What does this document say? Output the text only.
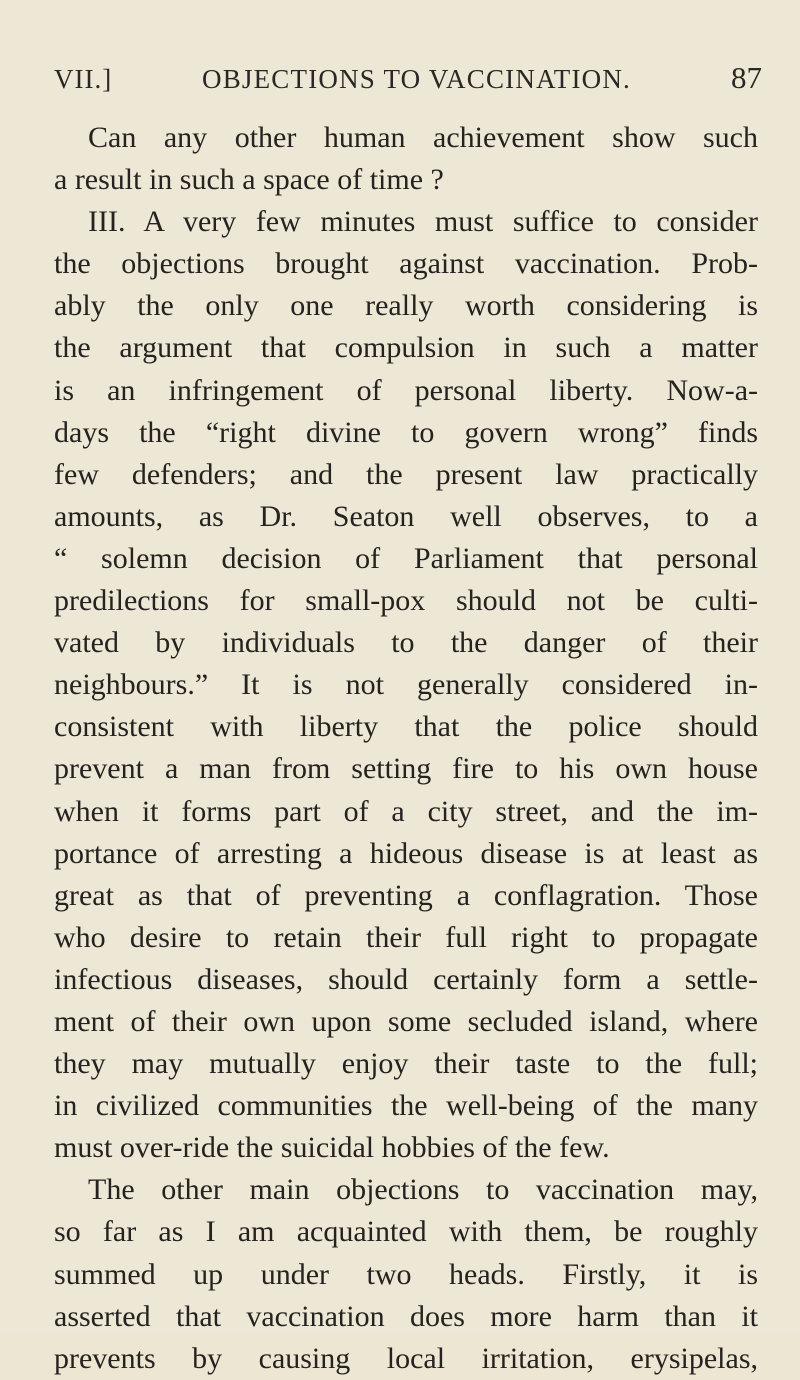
VII.]	OBJECTIONS TO VACCINATION.	87
Can any other human achievement show such
a result in such a space of time ?
III. A very few minutes must suffice to consider
the objections brought against vaccination. Prob-
ably the only one really worth considering is
the argument that compulsion in such a matter
is an infringement of personal liberty. Now-a-
days the “right divine to govern wrong” finds
few defenders; and the present law practically
amounts, as Dr. Seaton well observes, to a
“ solemn decision of Parliament that personal
predilections for small-pox should not be culti-
vated by individuals to the danger of their
neighbours.” It is not generally considered in-
consistent with liberty that the police should
prevent a man from setting fire to his own house
when it forms part of a city street, and the im-
portance of arresting a hideous disease is at least as
great as that of preventing a conflagration. Those
who desire to retain their full right to propagate
infectious diseases, should certainly form a settle-
ment of their own upon some secluded island, where
they may mutually enjoy their taste to the full;
in civilized communities the well-being of the many
must over-ride the suicidal hobbies of the few.
The other main objections to vaccination may,
so far as I am acquainted with them, be roughly
summed up under two heads. Firstly, it is
asserted that vaccination does more harm than it
prevents by causing local irritation, erysipelas,
